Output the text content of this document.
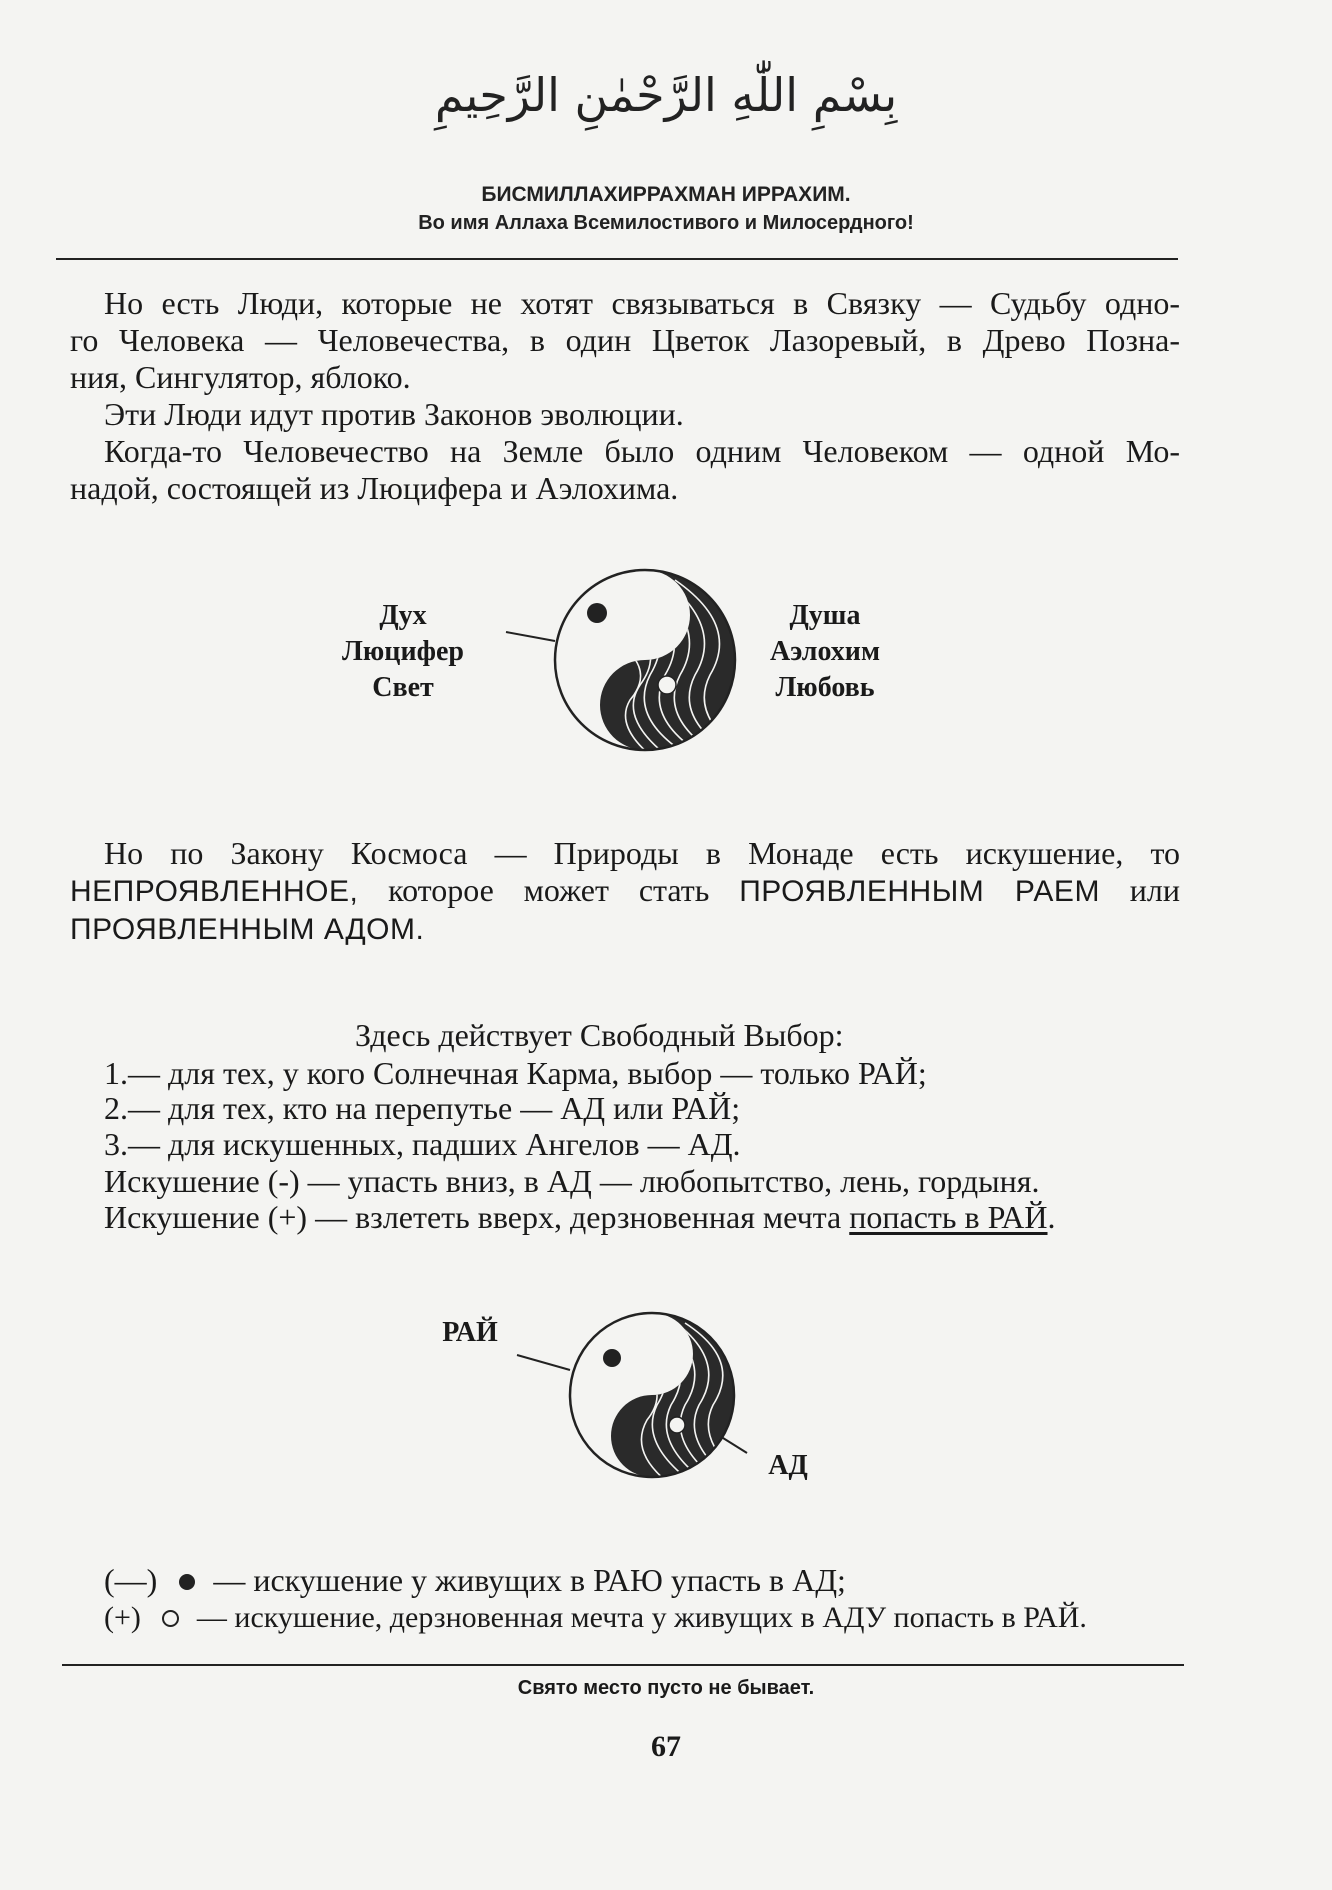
بِسْمِ اللّٰهِ الرَّحْمٰنِ الرَّحِيمِ
БИСМИЛЛАХИРРАХМАН ИРРАХИМ.
Во имя Аллаха Всемилостивого и Милосердного!

Но есть Люди, которые не хотят связываться в Связку — Судьбу одно-

го Человека — Человечества, в один Цветок Лазоревый, в Древо Позна-

ния, Сингулятор, яблоко.

Эти Люди идут против Законов эволюции.

Когда-то Человечество на Земле было одним Человеком — одной Мо-

надой, состоящей из Люцифера и Аэлохима.

Дух
Люцифер
Свет
Душа
Аэлохим
Любовь

Но по Закону Космоса — Природы в Монаде есть искушение, то

НЕПРОЯВЛЕННОЕ, которое может стать ПРОЯВЛЕННЫМ РАЕМ или

ПРОЯВЛЕННЫМ АДОМ.

Здесь действует Свободный Выбор:
1.— для тех, у кого Солнечная Карма, выбор — только РАЙ;
2.— для тех, кто на перепутье — АД или РАЙ;
3.— для искушенных, падших Ангелов — АД.
Искушение (-) — упасть вниз, в АД — любопытство, лень, гордыня.
Искушение (+) — взлететь вверх, дерзновенная мечта попасть в РАЙ.
РАЙ
АД
(—) — искушение у живущих в РАЮ упасть в АД;
(+) — искушение, дерзновенная мечта у живущих в АДУ попасть в РАЙ.
Свято место пусто не бывает.
67
